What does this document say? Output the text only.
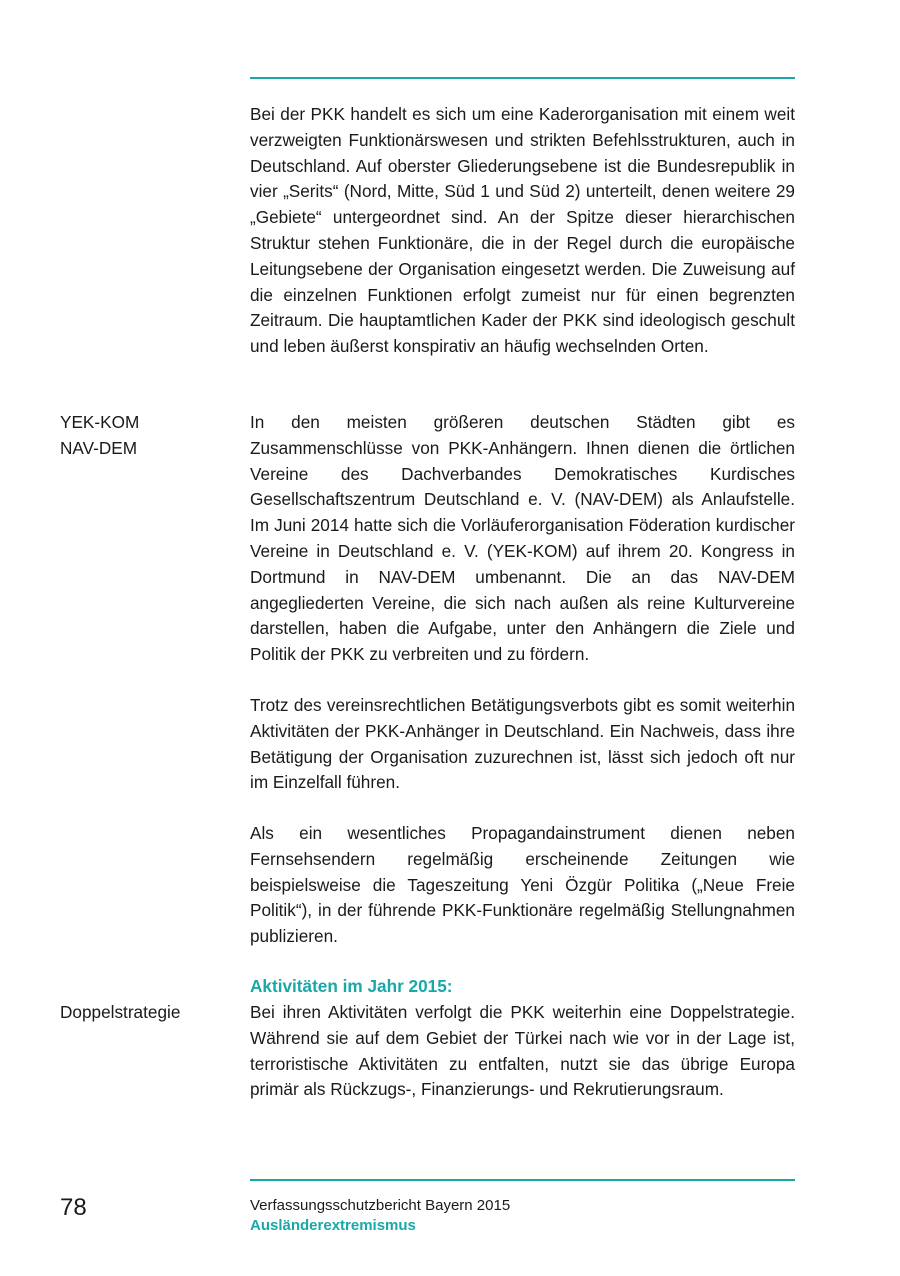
Bei der PKK handelt es sich um eine Kaderorganisation mit einem weit verzweigten Funktionärswesen und strikten Befehlsstrukturen, auch in Deutschland. Auf oberster Gliederungsebene ist die Bundesrepublik in vier „Serits“ (Nord, Mitte, Süd 1 und Süd 2) unterteilt, denen weitere 29 „Gebiete“ untergeordnet sind. An der Spitze dieser hierarchischen Struktur stehen Funktionäre, die in der Regel durch die europäische Leitungsebene der Organisation eingesetzt werden. Die Zuweisung auf die einzelnen Funktionen erfolgt zumeist nur für einen begrenzten Zeitraum. Die hauptamtlichen Kader der PKK sind ideologisch geschult und leben äußerst konspirativ an häufig wechselnden Orten.

YEK-KOM

NAV-DEM

In den meisten größeren deutschen Städten gibt es Zusammenschlüsse von PKK-Anhängern. Ihnen dienen die örtlichen Vereine des Dachverbandes Demokratisches Kurdisches Gesellschaftszentrum Deutschland e. V. (NAV-DEM) als Anlaufstelle. Im Juni 2014 hatte sich die Vorläuferorganisation Föderation kurdischer Vereine in Deutschland e. V. (YEK-KOM) auf ihrem 20. Kongress in Dortmund in NAV-DEM umbenannt. Die an das NAV-DEM angegliederten Vereine, die sich nach außen als reine Kulturvereine darstellen, haben die Aufgabe, unter den Anhängern die Ziele und Politik der PKK zu verbreiten und zu fördern.

Trotz des vereinsrechtlichen Betätigungsverbots gibt es somit weiterhin Aktivitäten der PKK-Anhänger in Deutschland. Ein Nachweis, dass ihre Betätigung der Organisation zuzurechnen ist, lässt sich jedoch oft nur im Einzelfall führen.

Als ein wesentliches Propagandainstrument dienen neben Fernsehsendern regelmäßig erscheinende Zeitungen wie beispielsweise die Tageszeitung Yeni Özgür Politika („Neue Freie Politik“), in der führende PKK-Funktionäre regelmäßig Stellungnahmen publizieren.

Aktivitäten im Jahr 2015:

Doppelstrategie	Bei ihren Aktivitäten verfolgt die PKK weiterhin eine Doppelstrategie. Während sie auf dem Gebiet der Türkei nach wie vor in der Lage ist, terroristische Aktivitäten zu entfalten, nutzt sie das übrige Europa primär als Rückzugs-, Finanzierungs- und Rekrutierungsraum.

78	Verfassungsschutzbericht Bayern 2015
Ausländerextremismus
